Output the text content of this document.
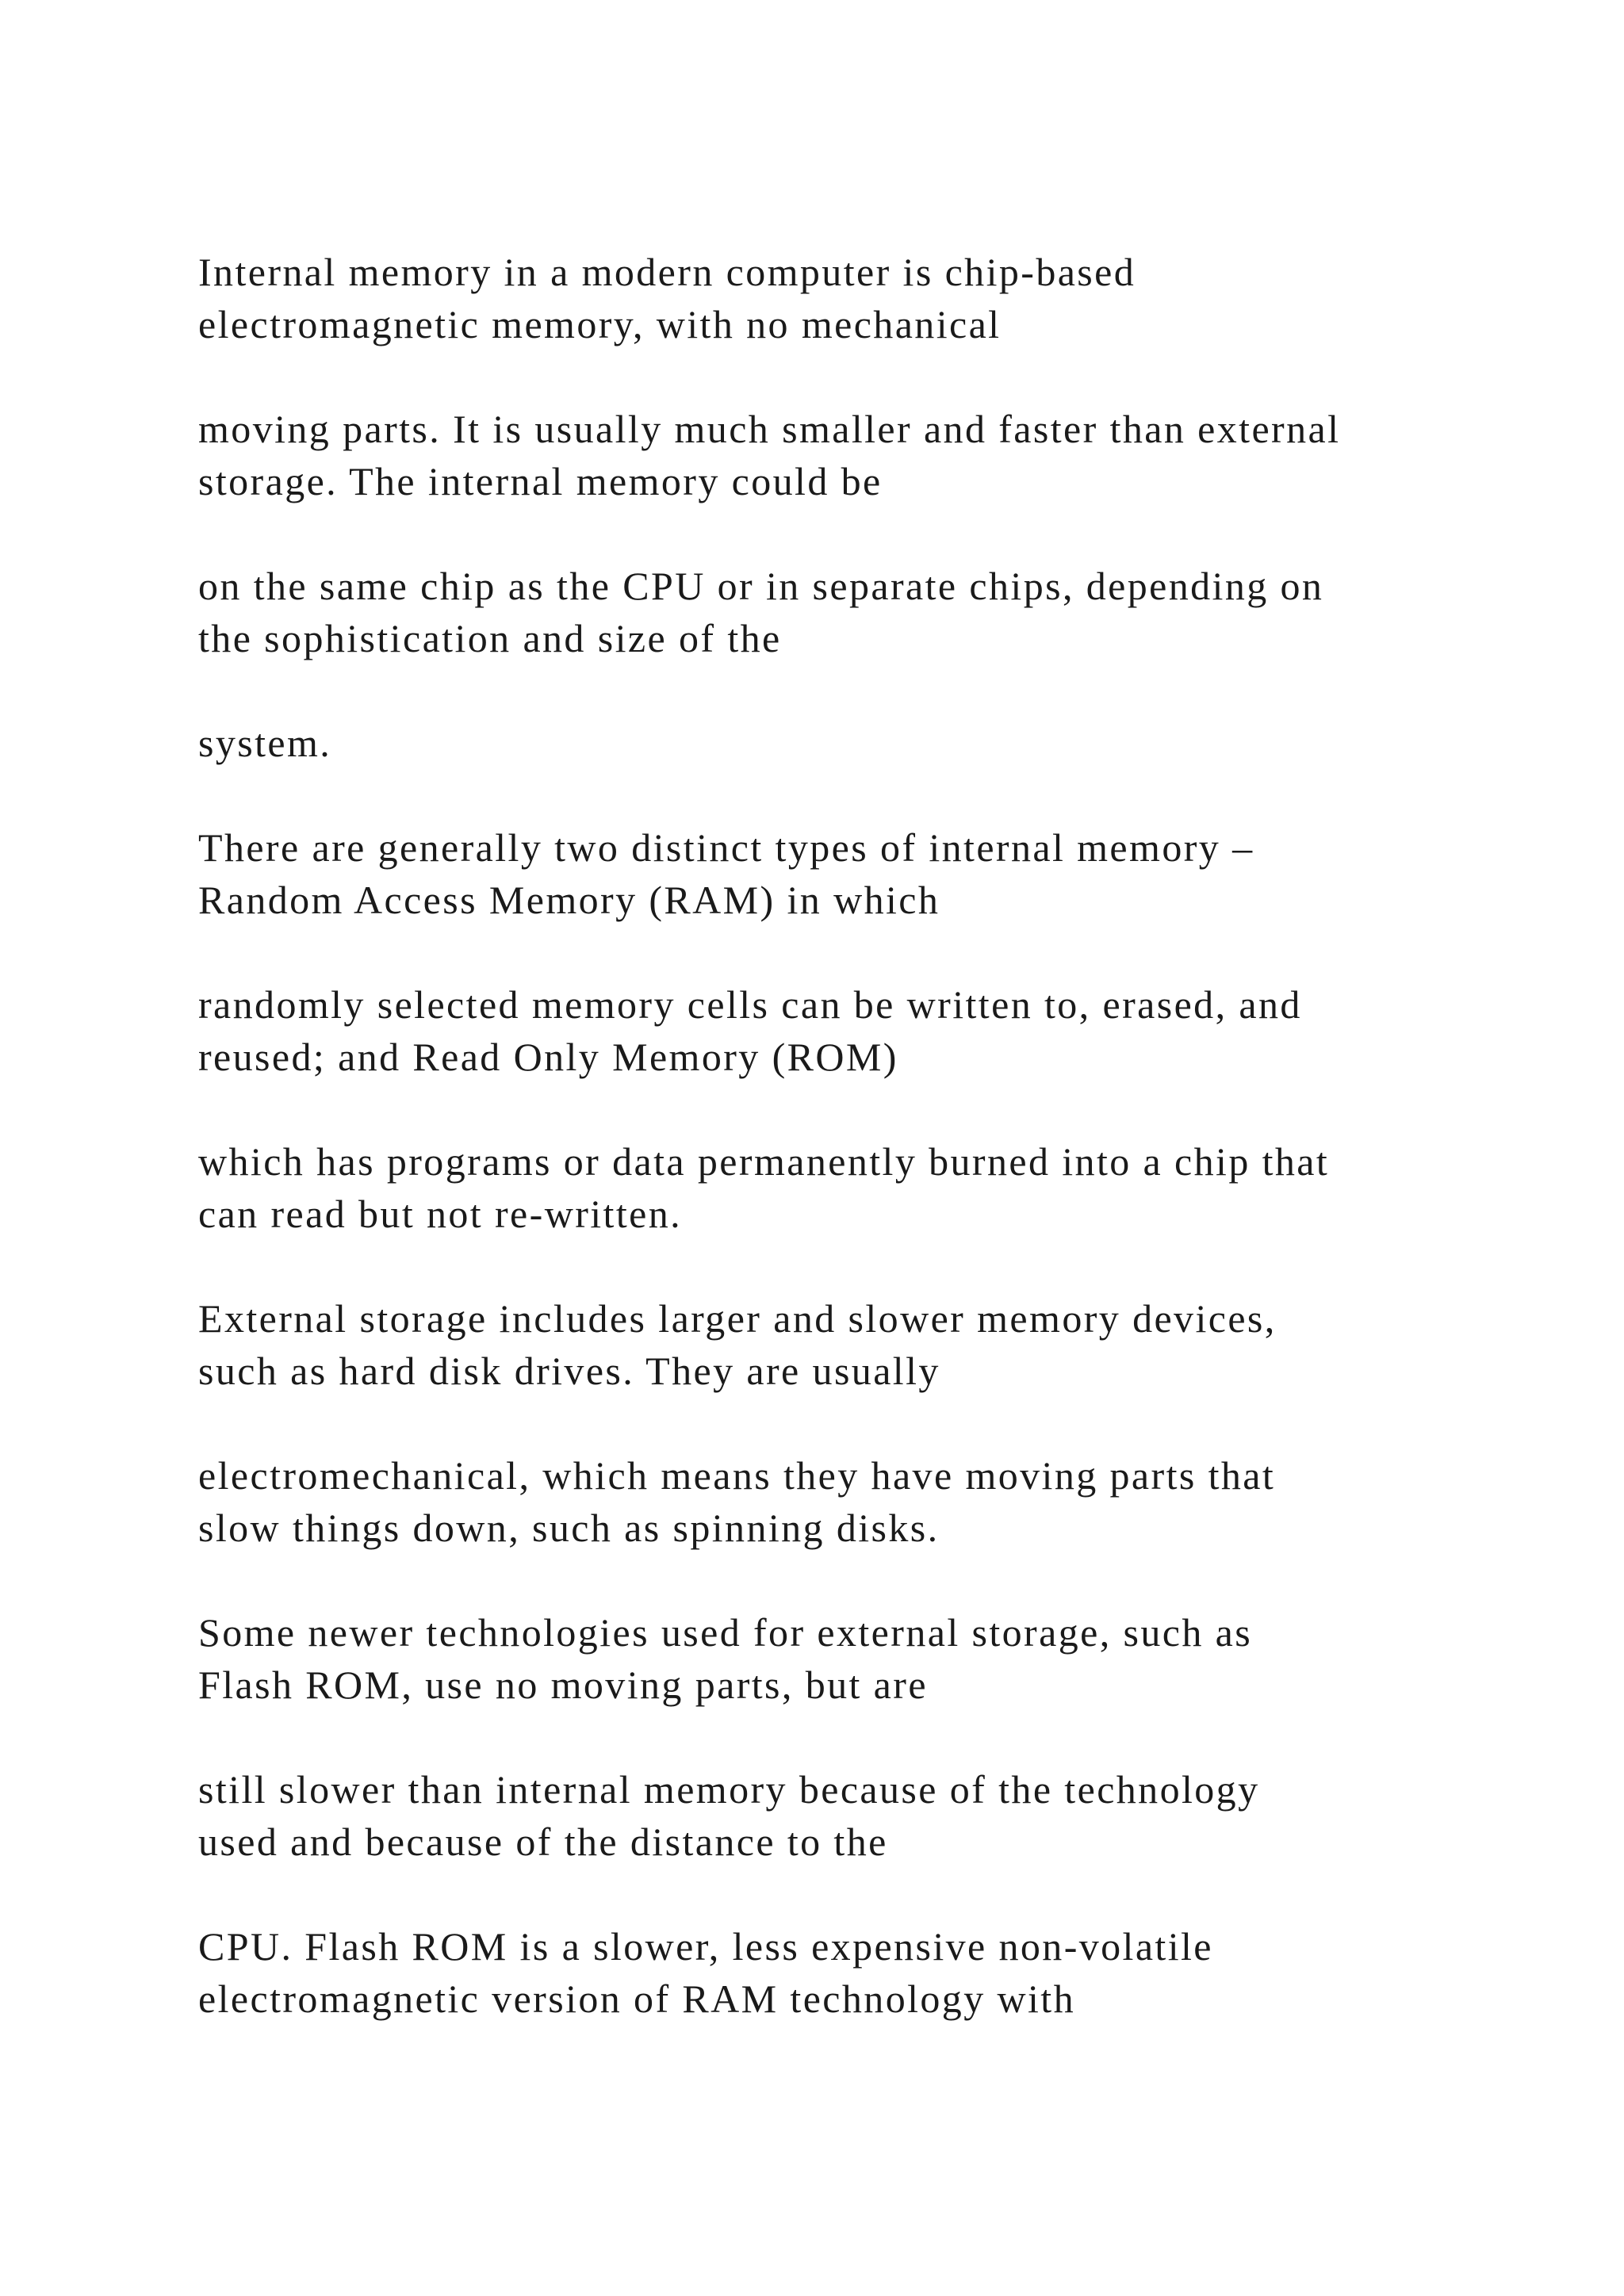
Internal memory in a modern computer is chip-based
electromagnetic memory, with no mechanical

moving parts. It is usually much smaller and faster than external
storage. The internal memory could be

on the same chip as the CPU or in separate chips, depending on
the sophistication and size of the

system.

There are generally two distinct types of internal memory –
Random Access Memory (RAM) in which

randomly selected memory cells can be written to, erased, and
reused; and Read Only Memory (ROM)

which has programs or data permanently burned into a chip that
can read but not re-written.

External storage includes larger and slower memory devices,
such as hard disk drives. They are usually

electromechanical, which means they have moving parts that
slow things down, such as spinning disks.

Some newer technologies used for external storage, such as
Flash ROM, use no moving parts, but are

still slower than internal memory because of the technology
used and because of the distance to the

CPU. Flash ROM is a slower, less expensive non-volatile
electromagnetic version of RAM technology with
